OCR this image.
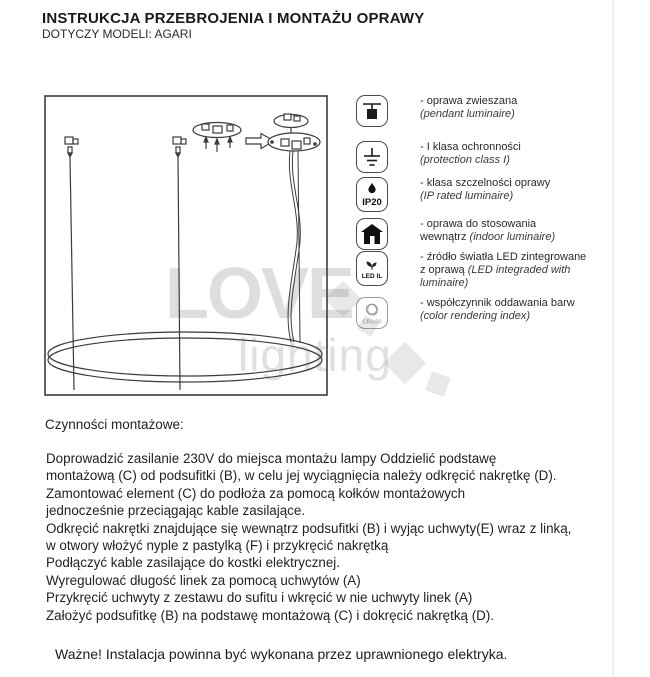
INSTRUKCJA PRZEBROJENIA I MONTAŻU OPRAWY
DOTYCZY MODELI: AGARI
LOVE
lighting
- oprawa zwieszana
(pendant luminaire)
- I klasa ochronności
(protection class I)
IP20
- klasa szczelności oprawy
(IP rated luminaire)
- oprawa do stosowania
wewnątrz (indoor luminaire)
LED IL
- źródło światła LED zintegrowane
z oprawą (LED integraded with
luminaire)
CRI≥90
- współczynnik oddawania barw
(color rendering index)
Czynności montażowe:
Doprowadzić zasilanie 230V do miejsca montażu lampy Oddzielić podstawę
montażową (C) od podsufitki (B), w celu jej wyciągnięcia należy odkręcić nakrętkę (D).
Zamontować element (C) do podłoża za pomocą kołków montażowych
jednocześnie przeciągając kable zasilające.
Odkręcić nakrętki znajdujące się wewnątrz podsufitki (B) i wyjąc uchwyty(E) wraz z linką,
w otwory włożyć nyple z pastylką (F) i przykręcić nakrętką
Podłączyć kable zasilające do kostki elektrycznej.
Wyregulować długość linek za pomocą uchwytów (A)
Przykręcić uchwyty z zestawu do sufitu i wkręcić w nie uchwyty linek (A)
Założyć podsufitkę (B) na podstawę montażową (C) i dokręcić nakrętką (D).
Ważne! Instalacja powinna być wykonana przez uprawnionego elektryka.
